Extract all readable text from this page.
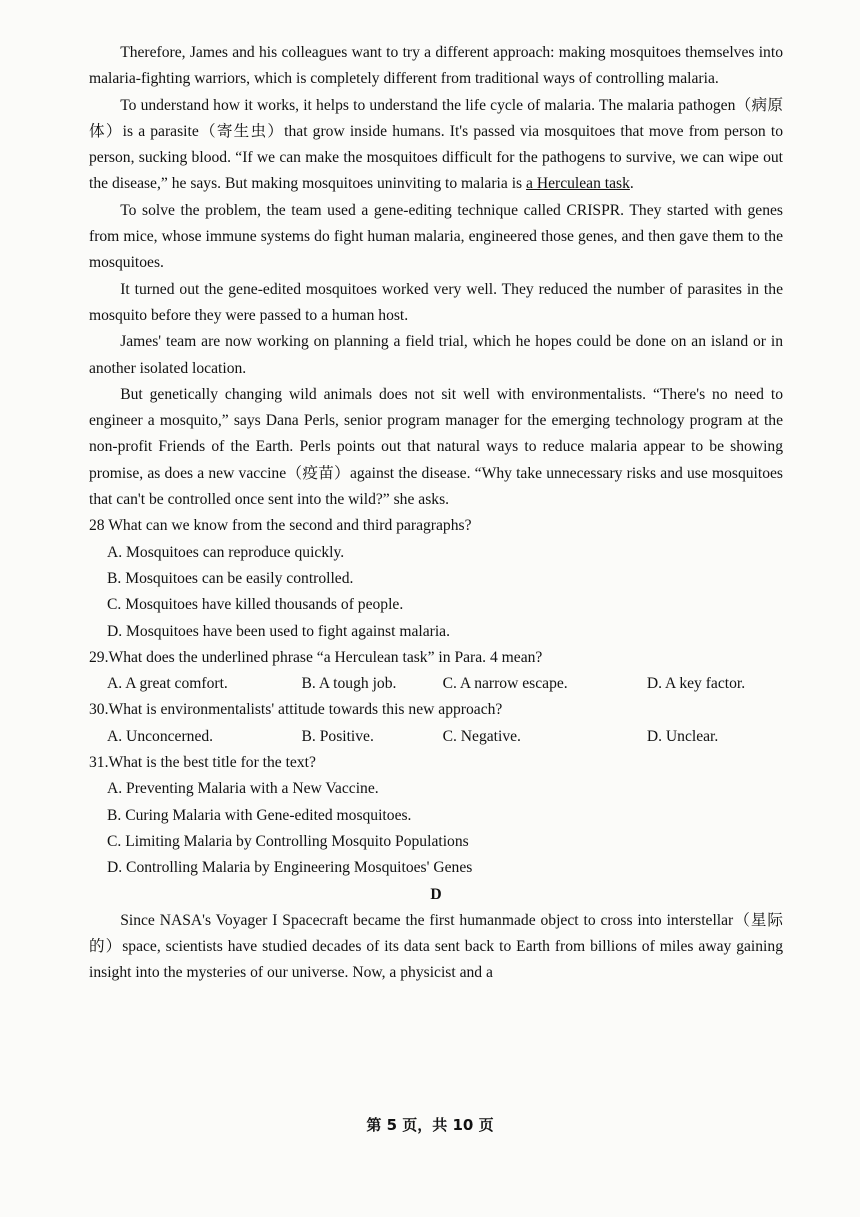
Therefore, James and his colleagues want to try a different approach: making mosquitoes themselves into malaria-fighting warriors, which is completely different from traditional ways of controlling malaria.

To understand how it works, it helps to understand the life cycle of malaria. The malaria pathogen（病原体）is a parasite（寄生虫）that grow inside humans. It's passed via mosquitoes that move from person to person, sucking blood. “If we can make the mosquitoes difficult for the pathogens to survive, we can wipe out the disease,” he says. But making mosquitoes uninviting to malaria is a Herculean task.

To solve the problem, the team used a gene-editing technique called CRISPR. They started with genes from mice, whose immune systems do fight human malaria, engineered those genes, and then gave them to the mosquitoes.

It turned out the gene-edited mosquitoes worked very well. They reduced the number of parasites in the mosquito before they were passed to a human host.

James' team are now working on planning a field trial, which he hopes could be done on an island or in another isolated location.

But genetically changing wild animals does not sit well with environmentalists. “There's no need to engineer a mosquito,” says Dana Perls, senior program manager for the emerging technology program at the non-profit Friends of the Earth. Perls points out that natural ways to reduce malaria appear to be showing promise, as does a new vaccine（疫苗）against the disease. “Why take unnecessary risks and use mosquitoes that can't be controlled once sent into the wild?” she asks.

28 What can we know from the second and third paragraphs?
A. Mosquitoes can reproduce quickly.
B. Mosquitoes can be easily controlled.
C. Mosquitoes have killed thousands of people.
D. Mosquitoes have been used to fight against malaria.
29.What does the underlined phrase “a Herculean task” in Para. 4 mean?
A. A great comfort.	B. A tough job.	C. A narrow escape.	D. A key factor.
30.What is environmentalists' attitude towards this new approach?
A. Unconcerned.	B. Positive.	C. Negative.	D. Unclear.
31.What is the best title for the text?
A. Preventing Malaria with a New Vaccine.
B. Curing Malaria with Gene-edited mosquitoes.
C. Limiting Malaria by Controlling Mosquito Populations
D. Controlling Malaria by Engineering Mosquitoes' Genes

D

Since NASA's Voyager I Spacecraft became the first humanmade object to cross into interstellar（星际的）space, scientists have studied decades of its data sent back to Earth from billions of miles away gaining insight into the mysteries of our universe. Now, a physicist and a

第 5 页，共 10 页
